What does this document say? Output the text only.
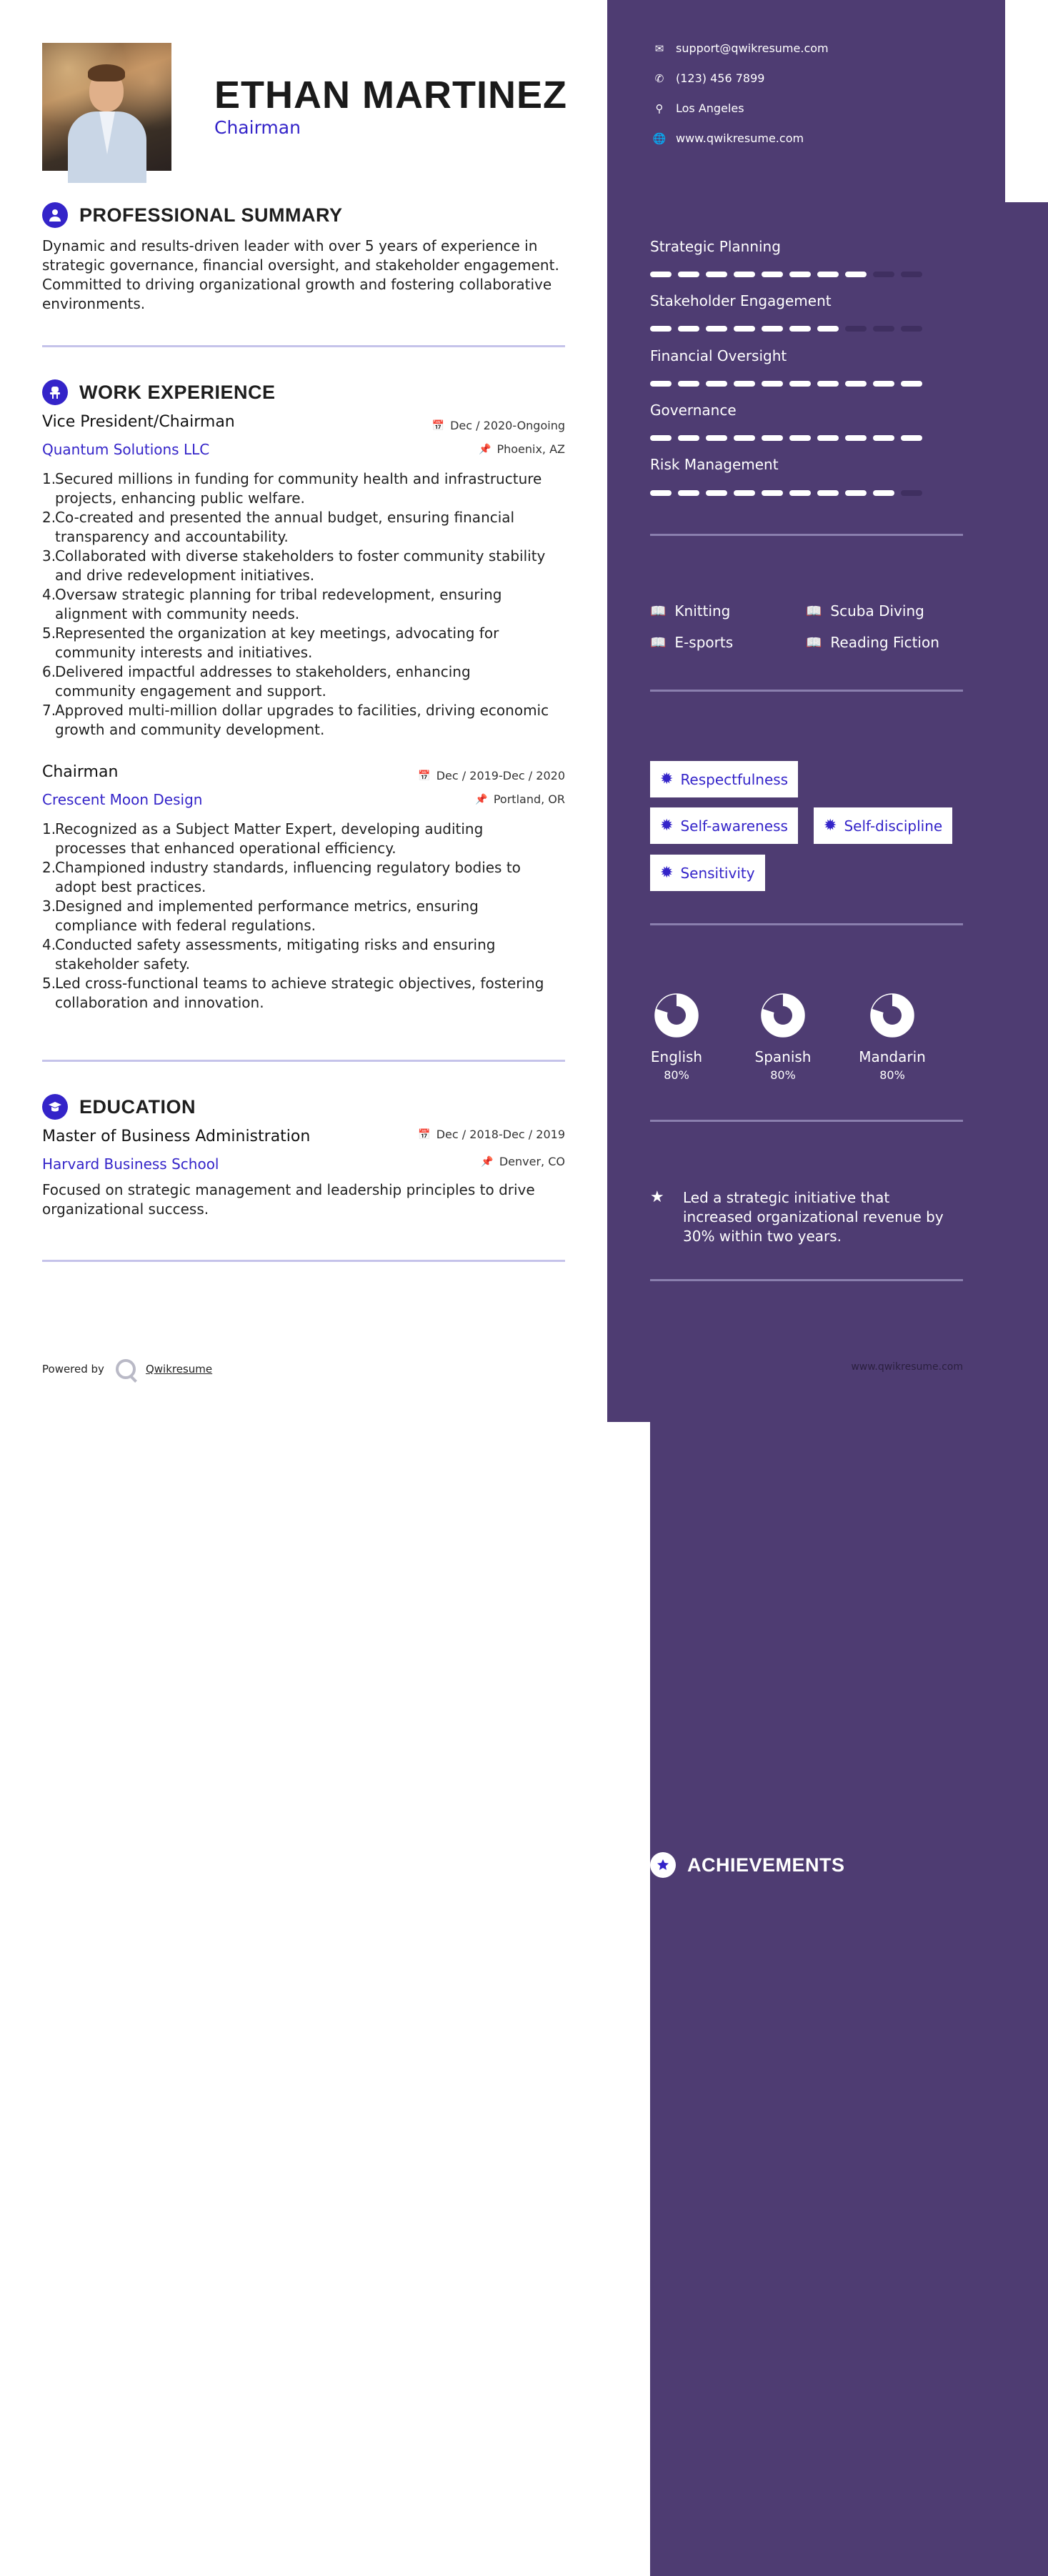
ETHAN MARTINEZ
Chairman
PROFESSIONAL SUMMARY
Dynamic and results-driven leader with over 5 years of experience in
strategic governance, financial oversight, and stakeholder engagement.
Committed to driving organizational growth and fostering collaborative
environments.
WORK EXPERIENCE
Vice President/Chairman	📅 Dec / 2020-Ongoing
Quantum Solutions LLC	📌 Phoenix, AZ
1.
Secured millions in funding for community health and infrastructure
projects, enhancing public welfare.
2.
Co-created and presented the annual budget, ensuring financial
transparency and accountability.
3.
Collaborated with diverse stakeholders to foster community stability
and drive redevelopment initiatives.
4.
Oversaw strategic planning for tribal redevelopment, ensuring
alignment with community needs.
5.
Represented the organization at key meetings, advocating for
community interests and initiatives.
6.
Delivered impactful addresses to stakeholders, enhancing
community engagement and support.
7.
Approved multi-million dollar upgrades to facilities, driving economic
growth and community development.
Chairman	📅 Dec / 2019-Dec / 2020
Crescent Moon Design	📌 Portland, OR
1.
Recognized as a Subject Matter Expert, developing auditing
processes that enhanced operational efficiency.
2.
Championed industry standards, influencing regulatory bodies to
adopt best practices.
3.
Designed and implemented performance metrics, ensuring
compliance with federal regulations.
4.
Conducted safety assessments, mitigating risks and ensuring
stakeholder safety.
5.
Led cross-functional teams to achieve strategic objectives, fostering
collaboration and innovation.
EDUCATION
Master of Business Administration	📅 Dec / 2018-Dec / 2019
Harvard Business School	📌 Denver, CO
Focused on strategic management and leadership principles to drive
organizational success.
Powered by	Qwikresume
✉	support@qwikresume.com
✆	(123) 456 7899
⚲	Los Angeles
🌐 www.qwikresume.com
Strategic Planning
Stakeholder Engagement
Financial Oversight
Governance
Risk Management
📖 Knitting	📖 Scuba Diving
📖 E-sports	📖 Reading Fiction
✹ Respectfulness
✹ Self-awareness ✹ Self-discipline
✹ Sensitivity
English
80%
Spanish
80%
Mandarin
80%
ACHIEVEMENTS
★	Led a strategic initiative that
increased organizational revenue by
30% within two years.
www.qwikresume.com
